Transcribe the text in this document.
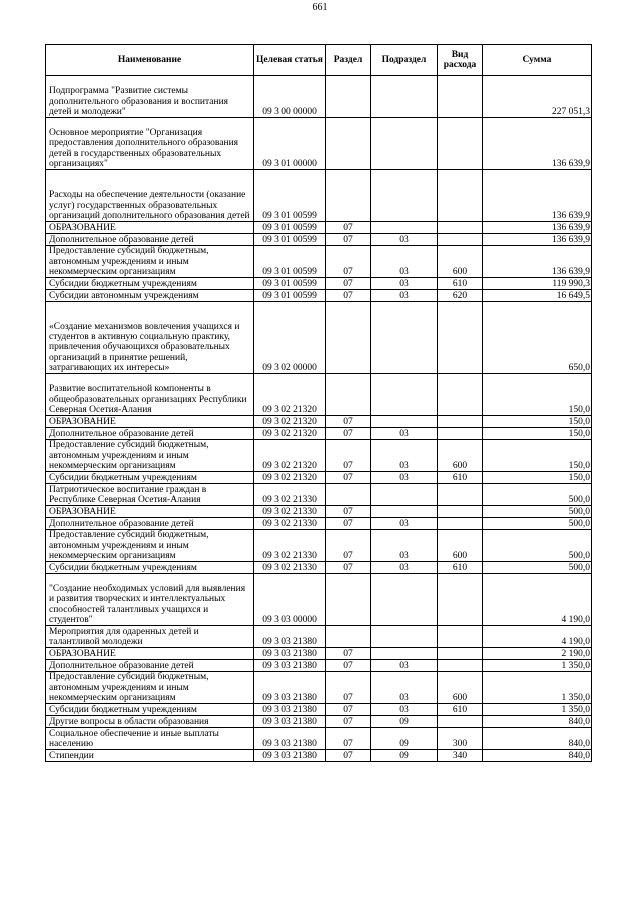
661
Наименование	Целевая статья	Раздел	Подраздел	Вид расхода	Сумма
Подпрограмма "Развитие системы дополнительного образования и воспитания детей и молодежи"	09 3 00 00000				227 051,3
Основное мероприятие "Организация предоставления дополнительного образования детей в государственных образовательных организациях"	09 3 01 00000				136 639,9
Расходы на обеспечение деятельности (оказание услуг) государственных образовательных организаций дополнительного образования детей	09 3 01 00599				136 639,9
ОБРАЗОВАНИЕ	09 3 01 00599	07			136 639,9
Дополнительное образование детей	09 3 01 00599	07	03		136 639,9
Предоставление субсидий бюджетным, автономным учреждениям и иным некоммерческим организациям	09 3 01 00599	07	03	600	136 639,9
Субсидии бюджетным учреждениям	09 3 01 00599	07	03	610	119 990,3
Субсидии автономным учреждениям	09 3 01 00599	07	03	620	16 649,5
«Создание механизмов вовлечения учащихся и студентов в активную социальную практику, привлечения обучающихся образовательных организаций в принятие решений, затрагивающих их интересы»	09 3 02 00000				650,0
Развитие воспитательной компоненты в общеобразовательных организациях Республики Северная Осетия-Алания	09 3 02 21320				150,0
ОБРАЗОВАНИЕ	09 3 02 21320	07			150,0
Дополнительное образование детей	09 3 02 21320	07	03		150,0
Предоставление субсидий бюджетным, автономным учреждениям и иным некоммерческим организациям	09 3 02 21320	07	03	600	150,0
Субсидии бюджетным учреждениям	09 3 02 21320	07	03	610	150,0
Патриотическое воспитание граждан в Республике Северная Осетия-Алания	09 3 02 21330				500,0
ОБРАЗОВАНИЕ	09 3 02 21330	07			500,0
Дополнительное образование детей	09 3 02 21330	07	03		500,0
Предоставление субсидий бюджетным, автономным учреждениям и иным некоммерческим организациям	09 3 02 21330	07	03	600	500,0
Субсидии бюджетным учреждениям	09 3 02 21330	07	03	610	500,0
"Создание необходимых условий для выявления и развития творческих и интеллектуальных способностей талантливых учащихся и студентов"	09 3 03 00000				4 190,0
Мероприятия для одаренных детей и талантливой молодежи	09 3 03 21380				4 190,0
ОБРАЗОВАНИЕ	09 3 03 21380	07			2 190,0
Дополнительное образование детей	09 3 03 21380	07	03		1 350,0
Предоставление субсидий бюджетным, автономным учреждениям и иным некоммерческим организациям	09 3 03 21380	07	03	600	1 350,0
Субсидии бюджетным учреждениям	09 3 03 21380	07	03	610	1 350,0
Другие вопросы в области образования	09 3 03 21380	07	09		840,0
Социальное обеспечение и иные выплаты населению	09 3 03 21380	07	09	300	840,0
Стипендии	09 3 03 21380	07	09	340	840,0
